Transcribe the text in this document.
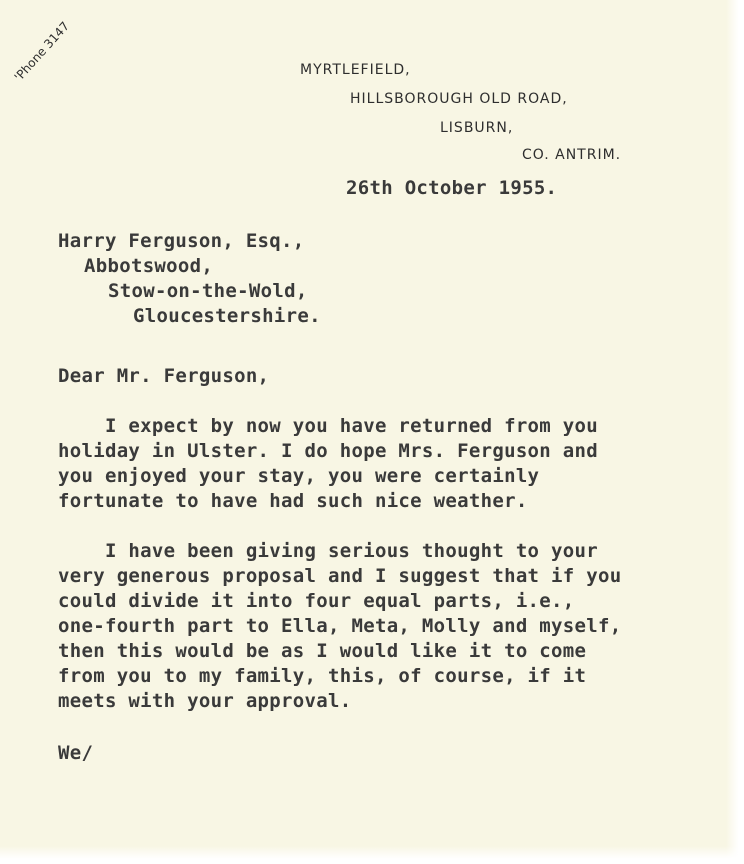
'Phone 3147	MYRTLEFIELD,
HILLSBOROUGH OLD ROAD,
LISBURN,
CO. ANTRIM.
26th October 1955.
Harry Ferguson, Esq.,
Abbotswood,
Stow-on-the-Wold,
Gloucestershire.
Dear Mr. Ferguson,
I expect by now you have returned from you
holiday in Ulster. I do hope Mrs. Ferguson and
you enjoyed your stay, you were certainly
fortunate to have had such nice weather.
I have been giving serious thought to your
very generous proposal and I suggest that if you
could divide it into four equal parts, i.e.,
one-fourth part to Ella, Meta, Molly and myself,
then this would be as I would like it to come
from you to my family, this, of course, if it
meets with your approval.
We/
